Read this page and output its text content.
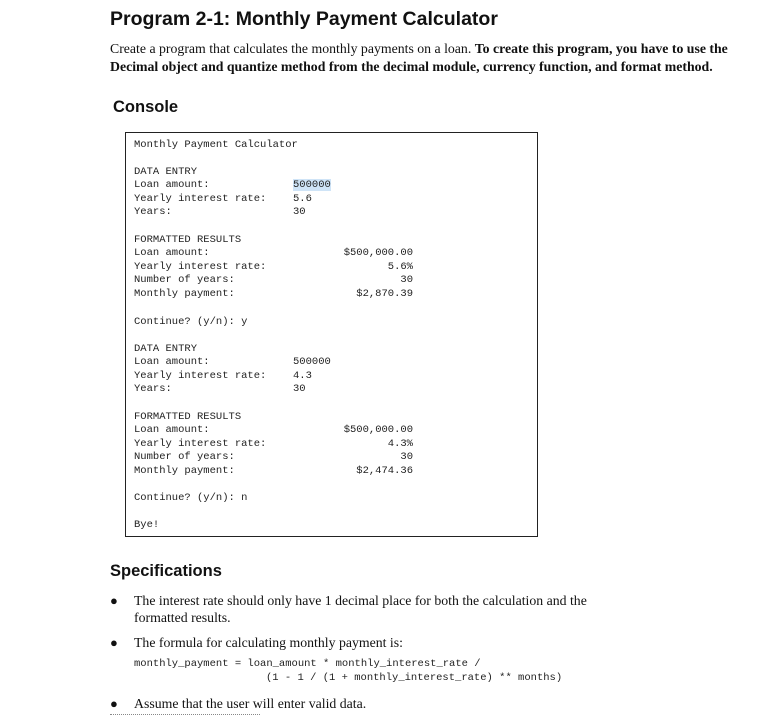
Program 2-1: Monthly Payment Calculator

Create a program that calculates the monthly payments on a loan. To create this program, you have to use the Decimal object and quantize method from the decimal module, currency function, and format method.

Console

Monthly Payment Calculator

DATA ENTRY

Loan amount:

	500000

Yearly interest rate:

	5.6

Years:

	30

FORMATTED RESULTS

Loan amount:

	$500,000.00

Yearly interest rate:

	5.6%

Number of years:

	30

Monthly payment:

	$2,870.39

Continue? (y/n): y

DATA ENTRY

Loan amount:

	500000

Yearly interest rate:

	4.3

Years:

	30

FORMATTED RESULTS

Loan amount:

	$500,000.00

Yearly interest rate:

	4.3%

Number of years:

	30

Monthly payment:

	$2,474.36

Continue? (y/n): n

Bye!

Specifications
● The interest rate should only have 1 decimal place for both the calculation and the formatted results.
● The formula for calculating monthly payment is:
monthly_payment = loan_amount * monthly_interest_rate /
(1 - 1 / (1 + monthly_interest_rate) ** months)
● Assume that the user will enter valid data.
